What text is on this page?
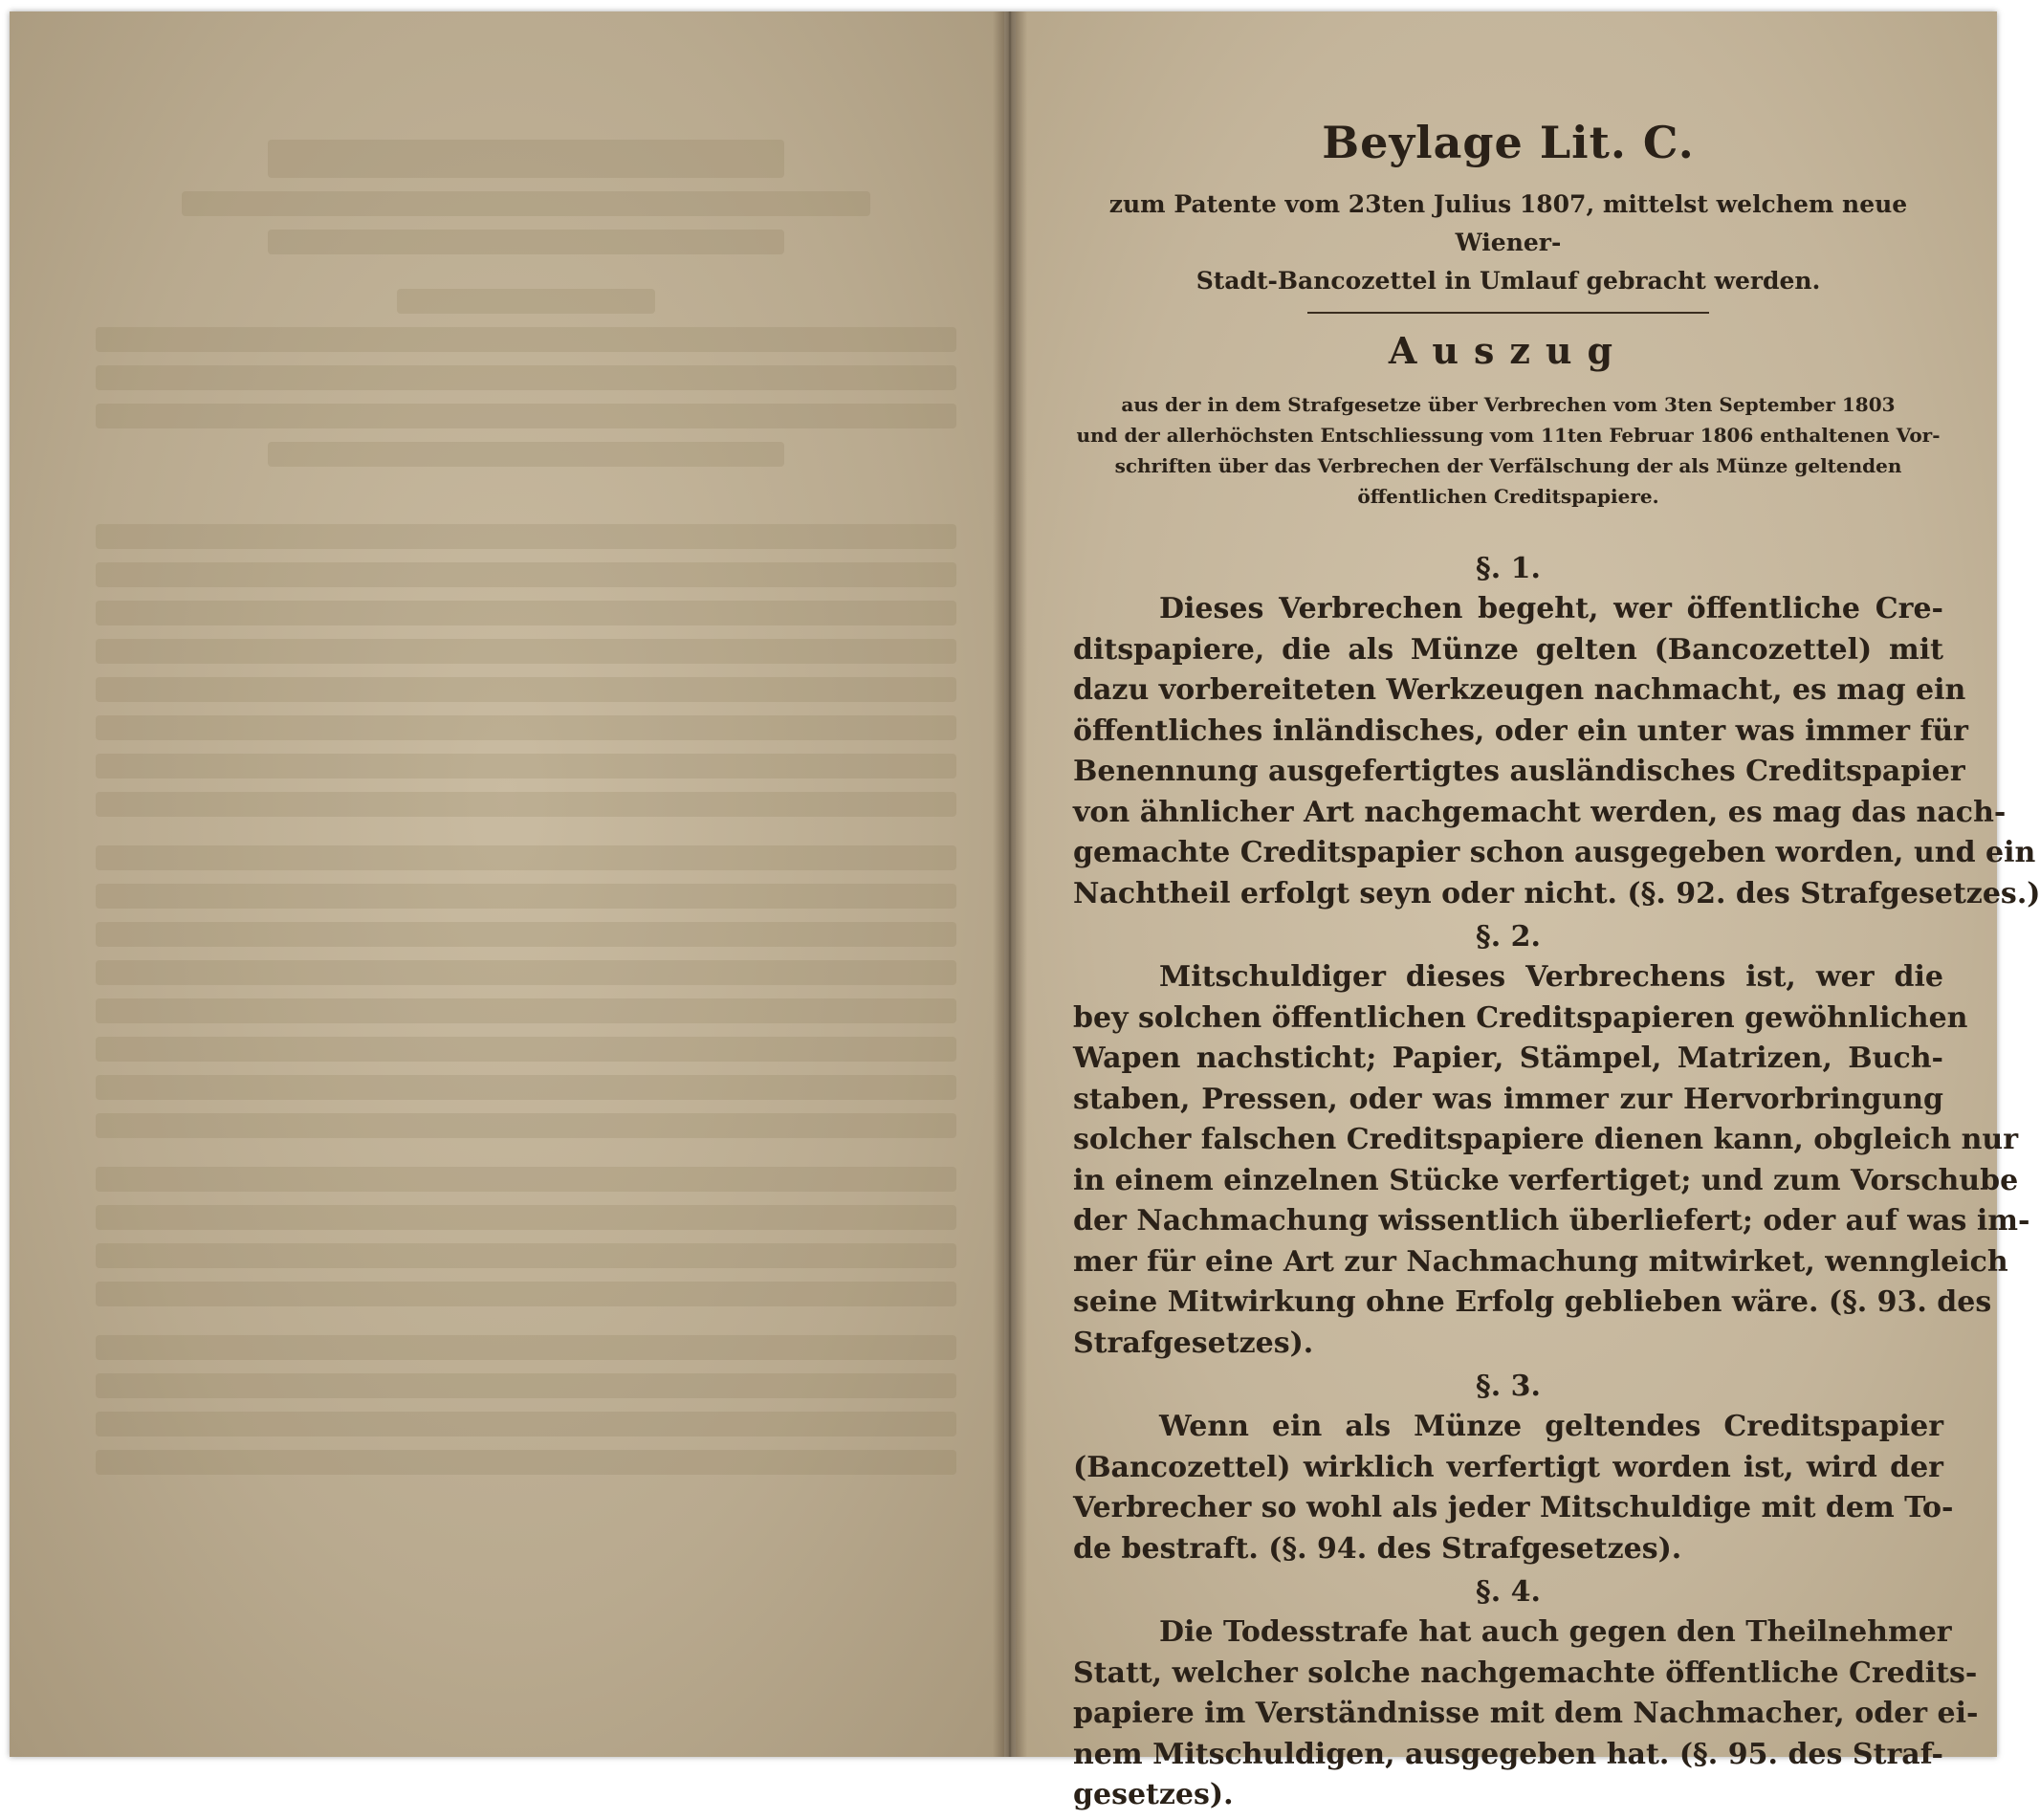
Beylage Lit. C.

zum Patente vom 23ten Julius 1807, mittelst welchem neue Wiener-
Stadt-Bancozettel in Umlauf gebracht werden.

Auszug

aus der in dem Strafgesetze über Verbrechen vom 3ten September 1803
und der allerhöchsten Entschliessung vom 11ten Februar 1806 enthaltenen Vor-
schriften über das Verbrechen der Verfälschung der als Münze geltenden
öffentlichen Creditspapiere.

§. 1.
Dieses Verbrechen begeht, wer öffentliche Cre-
ditspapiere, die als Münze gelten (Bancozettel) mit
dazu vorbereiteten Werkzeugen nachmacht, es mag ein
öffentliches inländisches, oder ein unter was immer für
Benennung ausgefertigtes ausländisches Creditspapier
von ähnlicher Art nachgemacht werden, es mag das nach-
gemachte Creditspapier schon ausgegeben worden, und ein
Nachtheil erfolgt seyn oder nicht. (§. 92. des Strafgesetzes.)
§. 2.
Mitschuldiger dieses Verbrechens ist, wer die
bey solchen öffentlichen Creditspapieren gewöhnlichen
Wapen nachsticht; Papier, Stämpel, Matrizen, Buch-
staben, Pressen, oder was immer zur Hervorbringung
solcher falschen Creditspapiere dienen kann, obgleich nur
in einem einzelnen Stücke verfertiget; und zum Vorschube
der Nachmachung wissentlich überliefert; oder auf was im-
mer für eine Art zur Nachmachung mitwirket, wenngleich
seine Mitwirkung ohne Erfolg geblieben wäre. (§. 93. des
Strafgesetzes).
§. 3.
Wenn ein als Münze geltendes Creditspapier
(Bancozettel) wirklich verfertigt worden ist, wird der
Verbrecher so wohl als jeder Mitschuldige mit dem To-
de bestraft. (§. 94. des Strafgesetzes).
§. 4.
Die Todesstrafe hat auch gegen den Theilnehmer
Statt, welcher solche nachgemachte öffentliche Credits-
papiere im Verständnisse mit dem Nachmacher, oder ei-
nem Mitschuldigen, ausgegeben hat. (§. 95. des Straf-
gesetzes).
